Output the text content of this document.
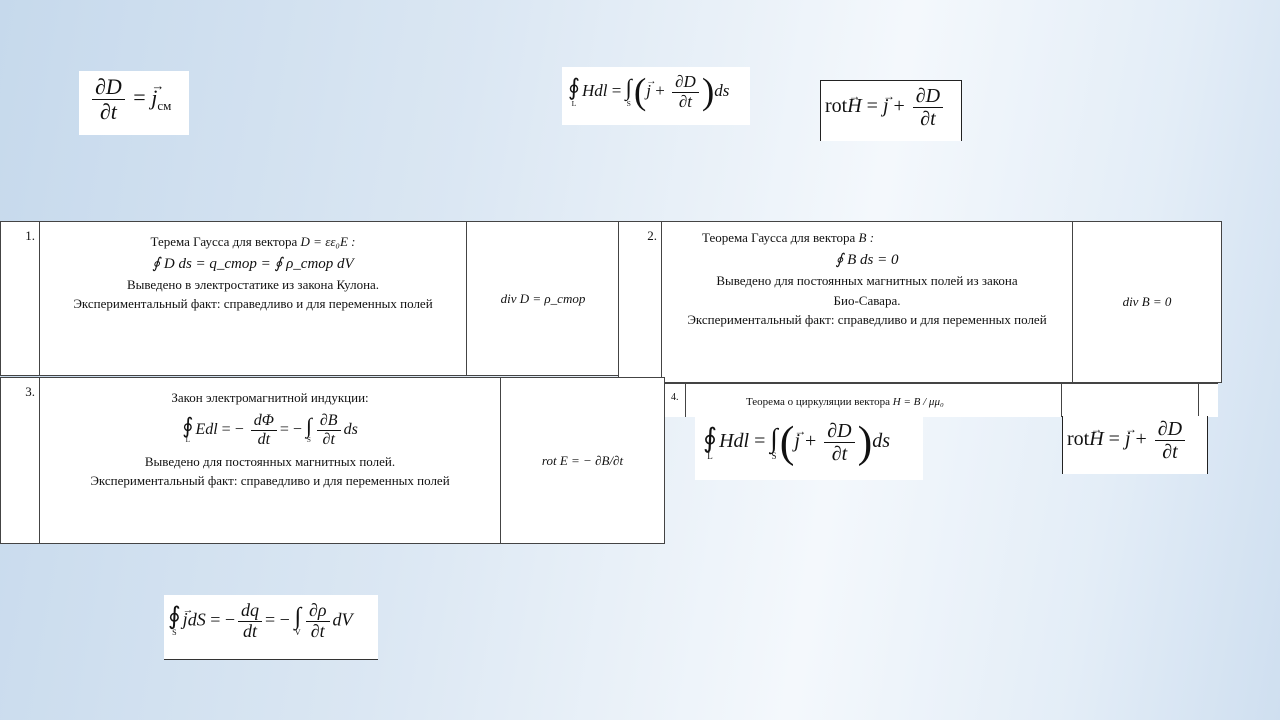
$\frac{\partial D}{\partial t}$ = → $j_{см}$
∮
L
Hdl = ∫
S (→ $j + \frac{\partial D}{\partial t} )ds$
rot→ H = → $j + \frac{\partial D}{\partial t}$
1.	Терема Гаусса для вектора D = εε₀E :
∮ D ds = q_стор = ∮ ρ_стор dV
Выведено в электростатике из закона Кулона.
Экспериментальный факт: справедливо и для переменных полей	div D = ρ_стор
2.	Теорема Гаусса для вектора B :
∮ B ds = 0
Выведено для постоянных магнитных полей из закона
Био-Савара.
Экспериментальный факт: справедливо и для переменных полей
	div B = 0
3.	Закон электромагнитной индукции:
∮
L
Edl = − $\frac{d\Phi}{dt}$ = − ∫
S $\frac{\partial B}{\partial t}$ ds
Выведено для постоянных магнитных полей.
Экспериментальный факт: справедливо и для переменных полей
	rot E = − ∂B/∂t
4.	Теорема о циркуляции вектора H = B / μμ₀
∮
L
Hdl = ∫
S (→ $j + \frac{\partial D}{\partial t} )ds$	rot→ H = → $j + \frac{\partial D}{\partial t}$
∮
S
→ jdS = − $\frac{dq}{dt}$ = − ∫
V $\frac{\partial\rho}{\partial t}$ dV
